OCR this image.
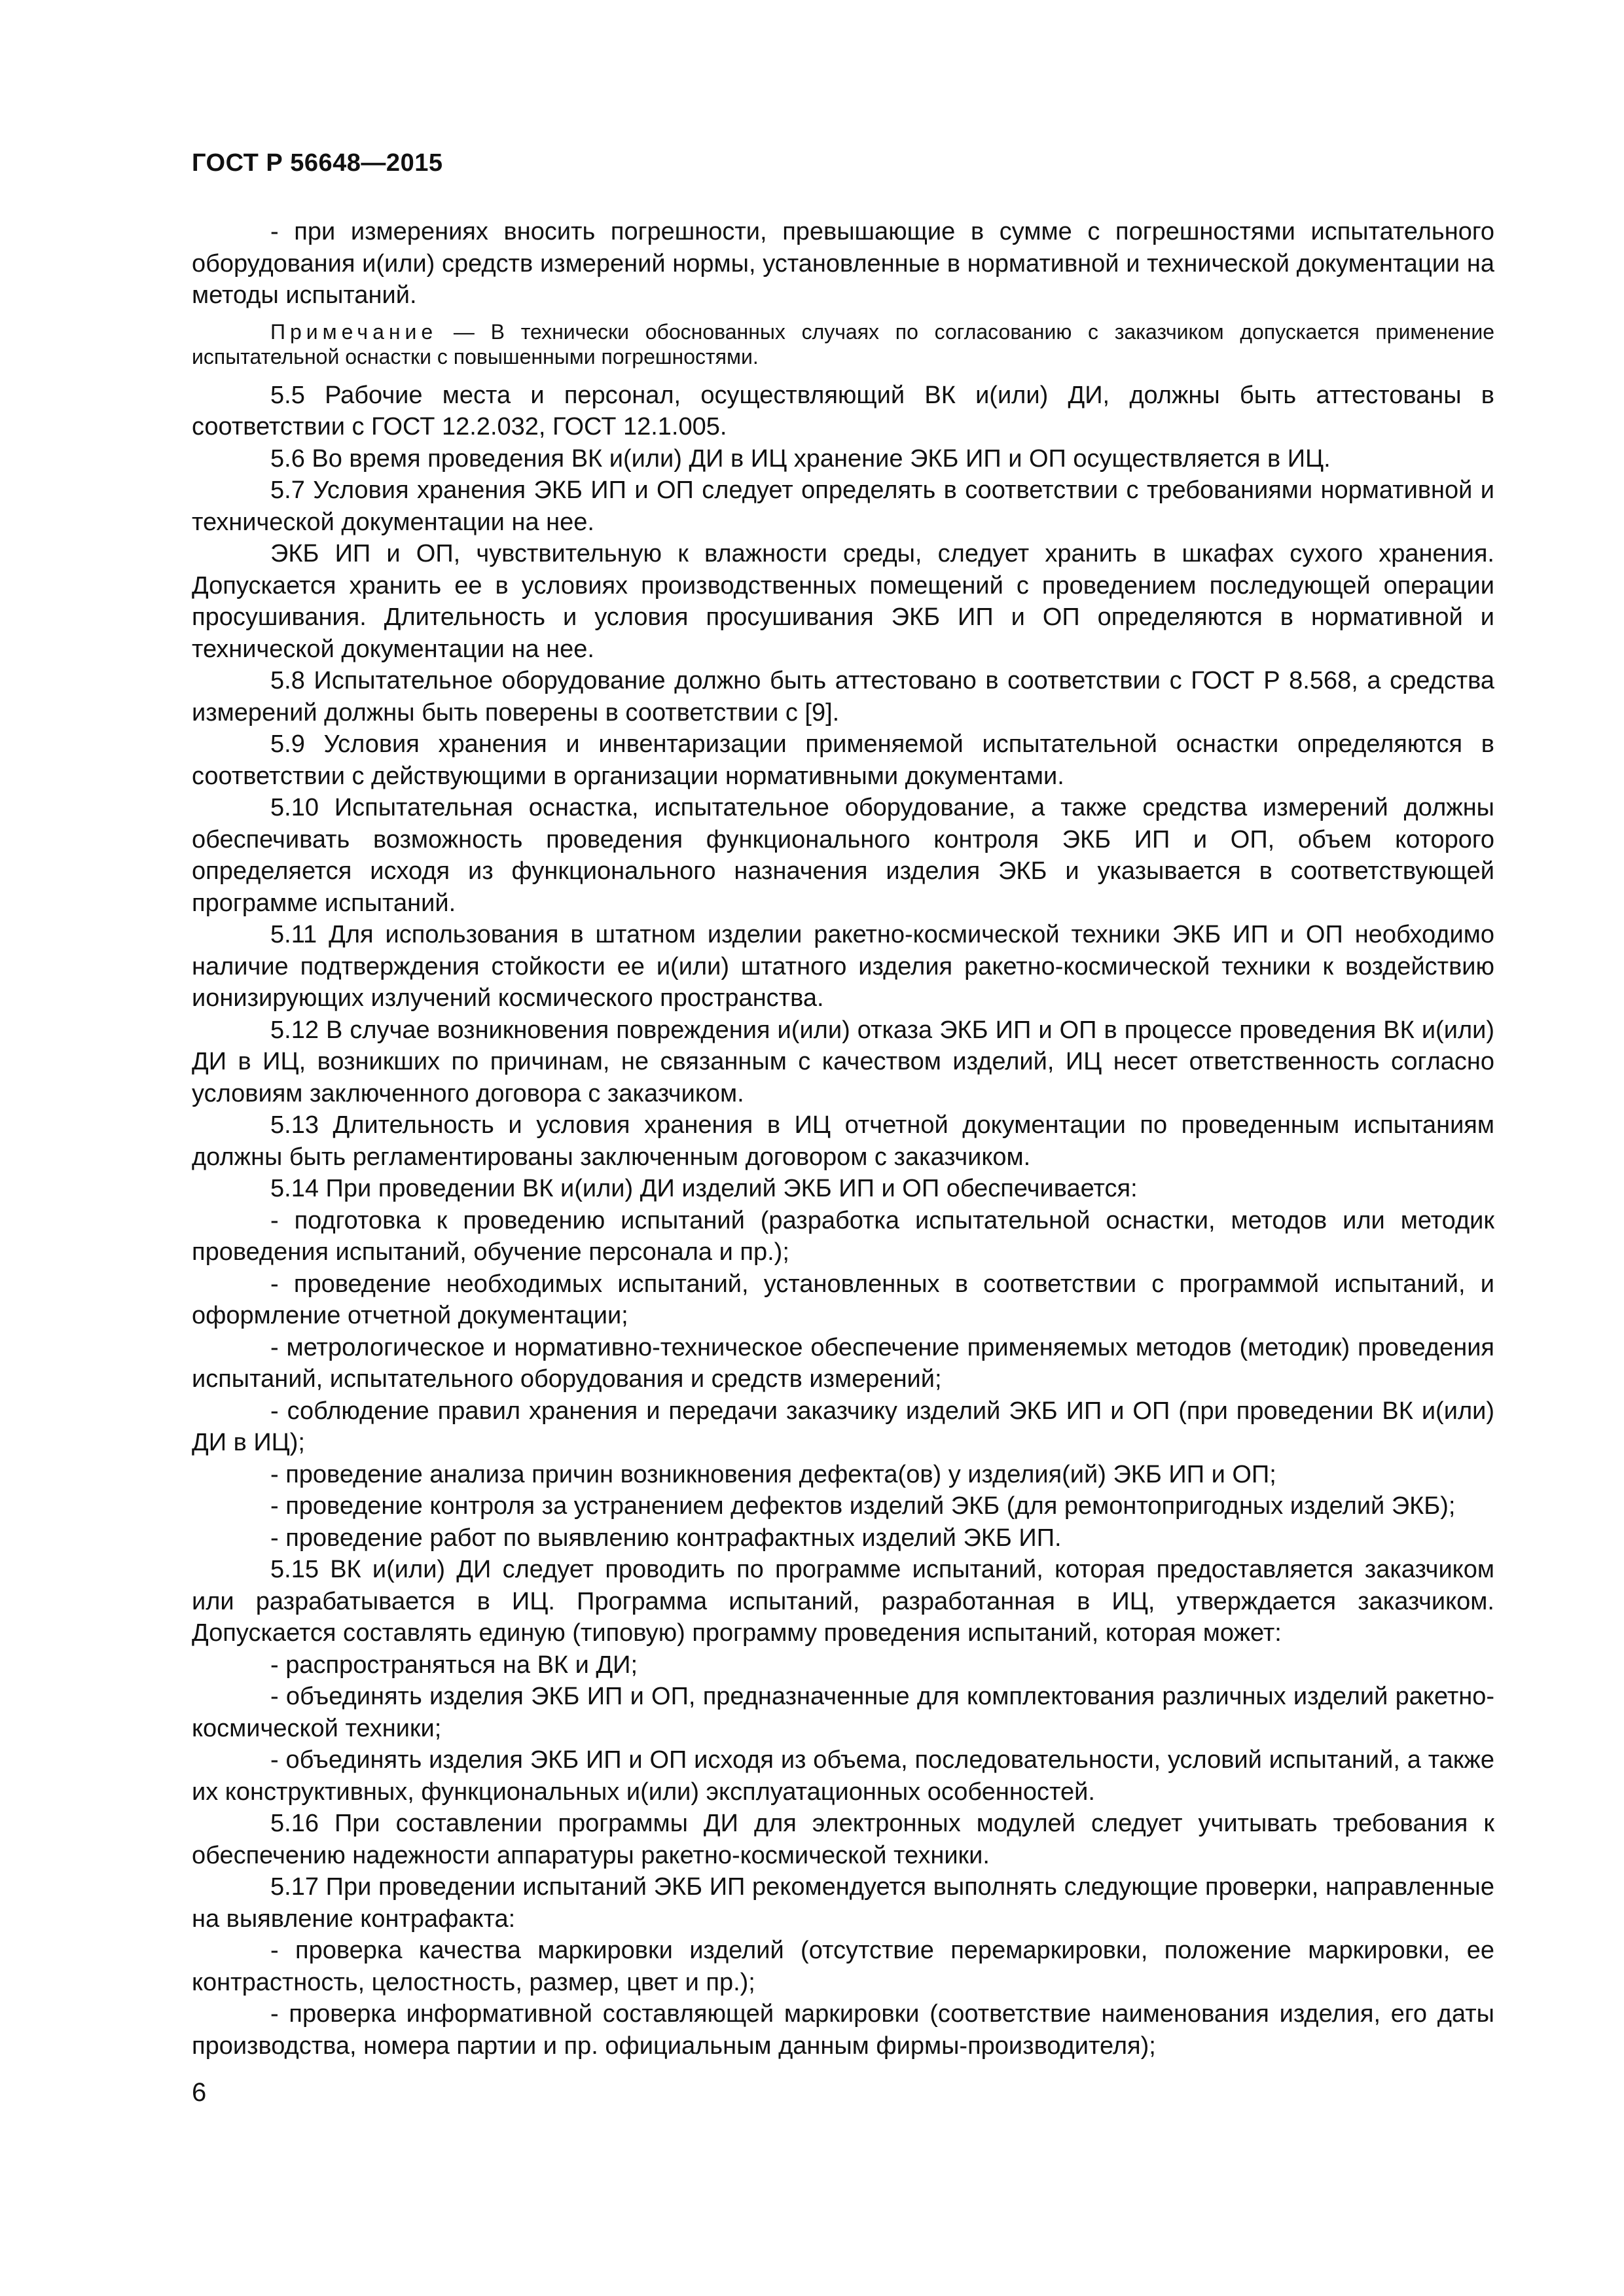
ГОСТ Р 56648—2015

- при измерениях вносить погрешности, превышающие в сумме с погрешностями испытательного оборудования и(или) средств измерений нормы, установленные в нормативной и технической документации на методы испытаний.

Примечание — В технически обоснованных случаях по согласованию с заказчиком допускается применение испытательной оснастки с повышенными погрешностями.

5.5 Рабочие места и персонал, осуществляющий ВК и(или) ДИ, должны быть аттестованы в соответствии с ГОСТ 12.2.032, ГОСТ 12.1.005.

5.6 Во время проведения ВК и(или) ДИ в ИЦ хранение ЭКБ ИП и ОП осуществляется в ИЦ.

5.7 Условия хранения ЭКБ ИП и ОП следует определять в соответствии с требованиями нормативной и технической документации на нее.

ЭКБ ИП и ОП, чувствительную к влажности среды, следует хранить в шкафах сухого хранения. Допускается хранить ее в условиях производственных помещений с проведением последующей операции просушивания. Длительность и условия просушивания ЭКБ ИП и ОП определяются в нормативной и технической документации на нее.

5.8 Испытательное оборудование должно быть аттестовано в соответствии с ГОСТ Р 8.568, а средства измерений должны быть поверены в соответствии с [9].

5.9 Условия хранения и инвентаризации применяемой испытательной оснастки определяются в соответствии с действующими в организации нормативными документами.

5.10 Испытательная оснастка, испытательное оборудование, а также средства измерений должны обеспечивать возможность проведения функционального контроля ЭКБ ИП и ОП, объем которого определяется исходя из функционального назначения изделия ЭКБ и указывается в соответствующей программе испытаний.

5.11 Для использования в штатном изделии ракетно-космической техники ЭКБ ИП и ОП необходимо наличие подтверждения стойкости ее и(или) штатного изделия ракетно-космической техники к воздействию ионизирующих излучений космического пространства.

5.12 В случае возникновения повреждения и(или) отказа ЭКБ ИП и ОП в процессе проведения ВК и(или) ДИ в ИЦ, возникших по причинам, не связанным с качеством изделий, ИЦ несет ответственность согласно условиям заключенного договора с заказчиком.

5.13 Длительность и условия хранения в ИЦ отчетной документации по проведенным испытаниям должны быть регламентированы заключенным договором с заказчиком.

5.14 При проведении ВК и(или) ДИ изделий ЭКБ ИП и ОП обеспечивается:

- подготовка к проведению испытаний (разработка испытательной оснастки, методов или методик проведения испытаний, обучение персонала и пр.);

- проведение необходимых испытаний, установленных в соответствии с программой испытаний, и оформление отчетной документации;

- метрологическое и нормативно-техническое обеспечение применяемых методов (методик) проведения испытаний, испытательного оборудования и средств измерений;

- соблюдение правил хранения и передачи заказчику изделий ЭКБ ИП и ОП (при проведении ВК и(или) ДИ в ИЦ);

- проведение анализа причин возникновения дефекта(ов) у изделия(ий) ЭКБ ИП и ОП;

- проведение контроля за устранением дефектов изделий ЭКБ (для ремонтопригодных изделий ЭКБ);

- проведение работ по выявлению контрафактных изделий ЭКБ ИП.

5.15 ВК и(или) ДИ следует проводить по программе испытаний, которая предоставляется заказчиком или разрабатывается в ИЦ. Программа испытаний, разработанная в ИЦ, утверждается заказчиком. Допускается составлять единую (типовую) программу проведения испытаний, которая может:

- распространяться на ВК и ДИ;

- объединять изделия ЭКБ ИП и ОП, предназначенные для комплектования различных изделий ракетно-космической техники;

- объединять изделия ЭКБ ИП и ОП исходя из объема, последовательности, условий испытаний, а также их конструктивных, функциональных и(или) эксплуатационных особенностей.

5.16 При составлении программы ДИ для электронных модулей следует учитывать требования к обеспечению надежности аппаратуры ракетно-космической техники.

5.17 При проведении испытаний ЭКБ ИП рекомендуется выполнять следующие проверки, направленные на выявление контрафакта:

- проверка качества маркировки изделий (отсутствие перемаркировки, положение маркировки, ее контрастность, целостность, размер, цвет и пр.);

- проверка информативной составляющей маркировки (соответствие наименования изделия, его даты производства, номера партии и пр. официальным данным фирмы-производителя);

6
